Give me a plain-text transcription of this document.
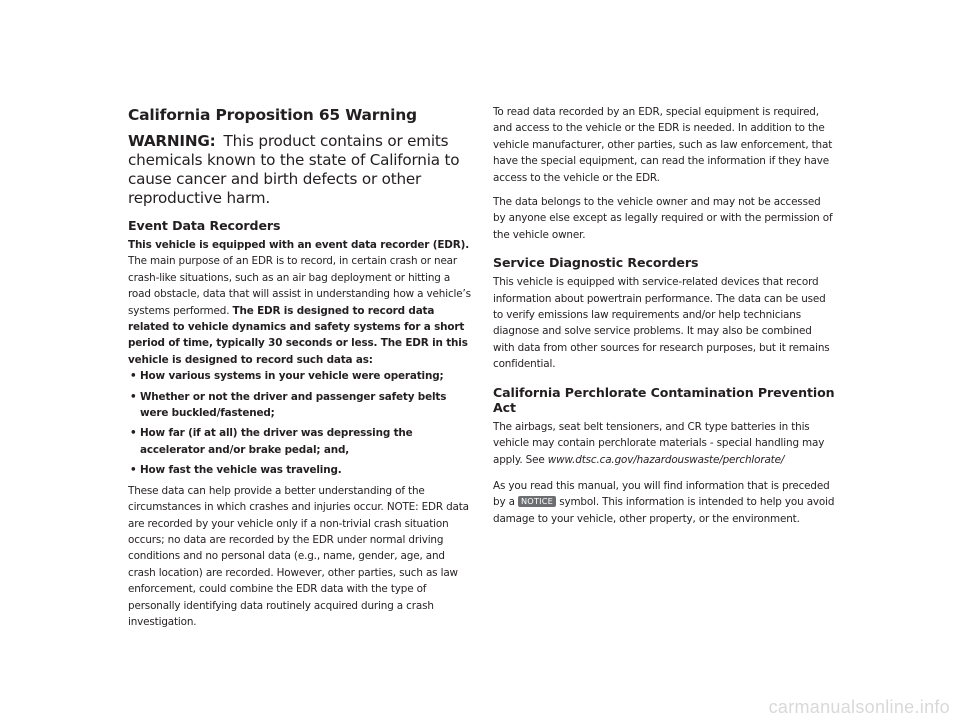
California Proposition 65 Warning
WARNING: This product contains or emits chemicals known to the state of California to cause cancer and birth defects or other reproductive harm.
Event Data Recorders

This vehicle is equipped with an event data recorder (EDR).

The main purpose of an EDR is to record, in certain crash or near crash-like situations, such as an air bag deployment or hitting a road obstacle, data that will assist in understanding how a vehicle’s systems performed. The EDR is designed to record data related to vehicle dynamics and safety systems for a short period of time, typically 30 seconds or less. The EDR in this vehicle is designed to record such data as:

• How various systems in your vehicle were operating;
• Whether or not the driver and passenger safety belts were buckled/fastened;
• How far (if at all) the driver was depressing the accelerator and/or brake pedal; and,
• How fast the vehicle was traveling.

These data can help provide a better understanding of the circumstances in which crashes and injuries occur. NOTE: EDR data are recorded by your vehicle only if a non-trivial crash situation occurs; no data are recorded by the EDR under normal driving conditions and no personal data (e.g., name, gender, age, and crash location) are recorded. However, other parties, such as law enforcement, could combine the EDR data with the type of personally identifying data routinely acquired during a crash investigation.

To read data recorded by an EDR, special equipment is required, and access to the vehicle or the EDR is needed. In addition to the vehicle manufacturer, other parties, such as law enforcement, that have the special equipment, can read the information if they have access to the vehicle or the EDR.

The data belongs to the vehicle owner and may not be accessed by anyone else except as legally required or with the permission of the vehicle owner.

Service Diagnostic Recorders

This vehicle is equipped with service-related devices that record information about powertrain performance. The data can be used to verify emissions law requirements and/or help technicians diagnose and solve service problems. It may also be combined with data from other sources for research purposes, but it remains confidential.

California Perchlorate Contamination Prevention Act

The airbags, seat belt tensioners, and CR type batteries in this vehicle may contain perchlorate materials - special handling may apply. See www.dtsc.ca.gov/hazardouswaste/perchlorate/

As you read this manual, you will find information that is preceded by a NOTICE symbol. This information is intended to help you avoid damage to your vehicle, other property, or the environment.

carmanualsonline.info
